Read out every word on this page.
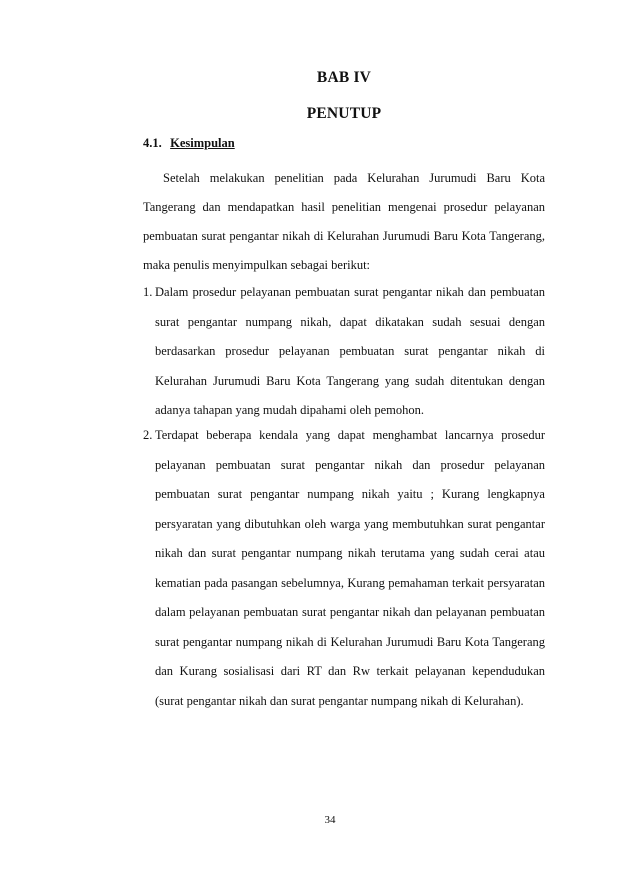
BAB IV
PENUTUP
4.1. Kesimpulan

Setelah melakukan penelitian pada Kelurahan Jurumudi Baru Kota Tangerang dan mendapatkan hasil penelitian mengenai prosedur pelayanan pembuatan surat pengantar nikah di Kelurahan Jurumudi Baru Kota Tangerang, maka penulis menyimpulkan sebagai berikut:

1. Dalam prosedur pelayanan pembuatan surat pengantar nikah dan pembuatan surat pengantar numpang nikah, dapat dikatakan sudah sesuai dengan berdasarkan prosedur pelayanan pembuatan surat pengantar nikah di Kelurahan Jurumudi Baru Kota Tangerang yang sudah ditentukan dengan adanya tahapan yang mudah dipahami oleh pemohon.
2. Terdapat beberapa kendala yang dapat menghambat lancarnya prosedur pelayanan pembuatan surat pengantar nikah dan prosedur pelayanan pembuatan surat pengantar numpang nikah yaitu ; Kurang lengkapnya persyaratan yang dibutuhkan oleh warga yang membutuhkan surat pengantar nikah dan surat pengantar numpang nikah terutama yang sudah cerai atau kematian pada pasangan sebelumnya, Kurang pemahaman terkait persyaratan dalam pelayanan pembuatan surat pengantar nikah dan pelayanan pembuatan surat pengantar numpang nikah di Kelurahan Jurumudi Baru Kota Tangerang dan Kurang sosialisasi dari RT dan Rw terkait pelayanan kependudukan (surat pengantar nikah dan surat pengantar numpang nikah di Kelurahan).
34
